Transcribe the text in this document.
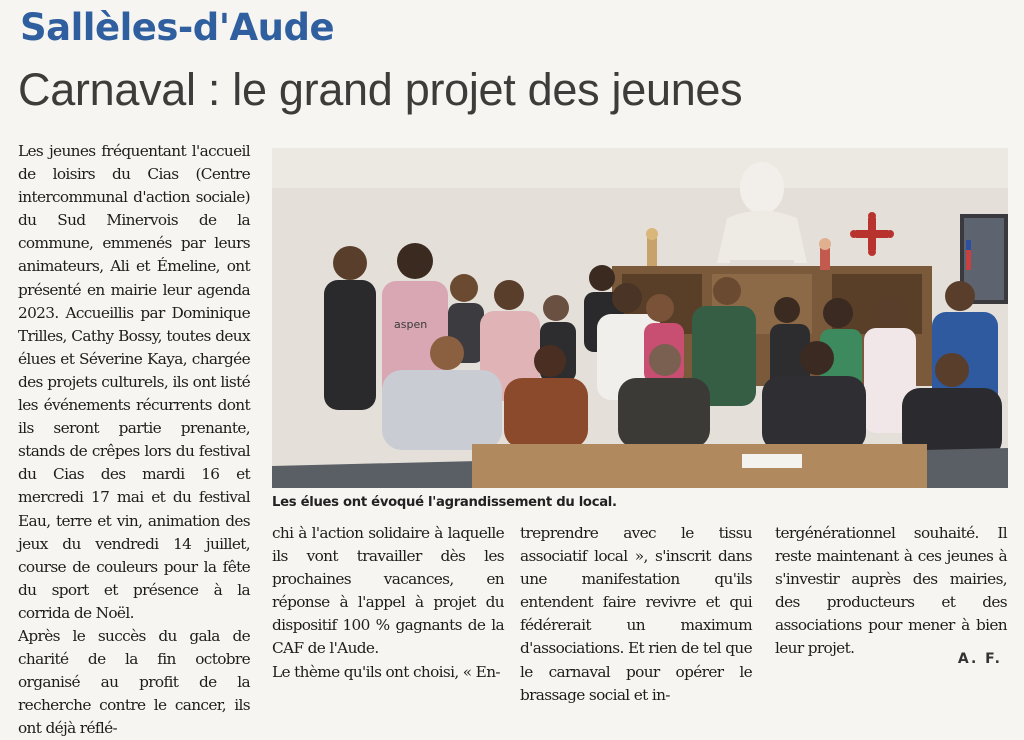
Sallèles-d'Aude
Carnaval : le grand projet des jeunes

Les jeunes fréquentant l'accueil de loisirs du Cias (Centre intercommunal d'action sociale) du Sud Minervois de la commune, emmenés par leurs animateurs, Ali et Émeline, ont présenté en mairie leur agenda 2023. Accueillis par Dominique Trilles, Cathy Bossy, toutes deux élues et Séverine Kaya, chargée des projets culturels, ils ont listé les événements récurrents dont ils seront partie prenante, stands de crêpes lors du festival du Cias des mardi 16 et mercredi 17 mai et du festival Eau, terre et vin, animation des jeux du vendredi 14 juillet, course de couleurs pour la fête du sport et présence à la corrida de Noël.

Après le succès du gala de charité de la fin octobre organisé au profit de la recherche contre le cancer, ils ont déjà réflé-

aspen
Les élues ont évoqué l'agrandissement du local.

chi à l'action solidaire à laquelle ils vont travailler dès les prochaines vacances, en réponse à l'appel à projet du dispositif 100 % gagnants de la CAF de l'Aude.

Le thème qu'ils ont choisi, « En-

treprendre avec le tissu associatif local », s'inscrit dans une manifestation qu'ils entendent faire revivre et qui fédérerait un maximum d'associations. Et rien de tel que le carnaval pour opérer le brassage social et in-

tergénérationnel souhaité. Il reste maintenant à ces jeunes à s'investir auprès des mairies, des producteurs et des associations pour mener à bien leur projet.

A. F.
